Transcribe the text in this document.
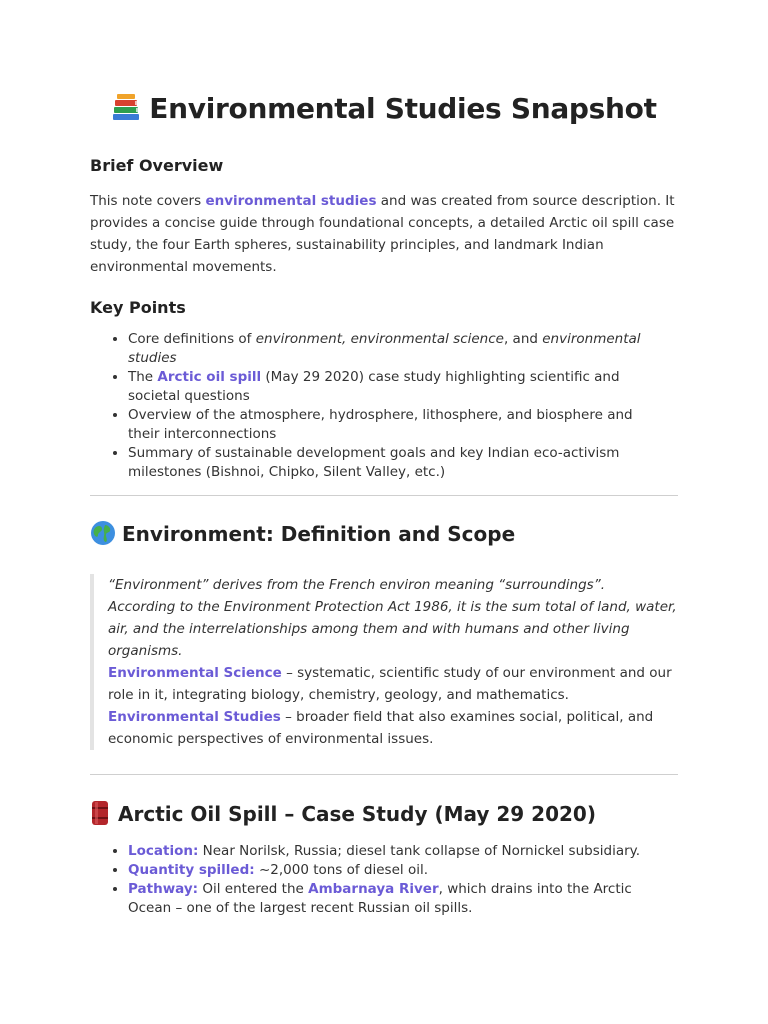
Environmental Studies Snapshot
Brief Overview
This note covers environmental studies and was created from source description. It provides a concise guide through foundational concepts, a detailed Arctic oil spill case study, the four Earth spheres, sustainability principles, and landmark Indian environmental movements.
Key Points
• Core definitions of environment, environmental science, and environmental studies
• The Arctic oil spill (May 29 2020) case study highlighting scientific and societal questions
• Overview of the atmosphere, hydrosphere, lithosphere, and biosphere and their interconnections
• Summary of sustainable development goals and key Indian eco-activism milestones (Bishnoi, Chipko, Silent Valley, etc.)
Environment: Definition and Scope
“Environment” derives from the French environ meaning “surroundings”.
According to the Environment Protection Act 1986, it is the sum total of land, water, air, and the interrelationships among them and with humans and other living organisms.
Environmental Science – systematic, scientific study of our environment and our role in it, integrating biology, chemistry, geology, and mathematics.
Environmental Studies – broader field that also examines social, political, and economic perspectives of environmental issues.
Arctic Oil Spill – Case Study (May 29 2020)
• Location: Near Norilsk, Russia; diesel tank collapse of Nornickel subsidiary.
• Quantity spilled: ~2,000 tons of diesel oil.
• Pathway: Oil entered the Ambarnaya River, which drains into the Arctic Ocean – one of the largest recent Russian oil spills.
